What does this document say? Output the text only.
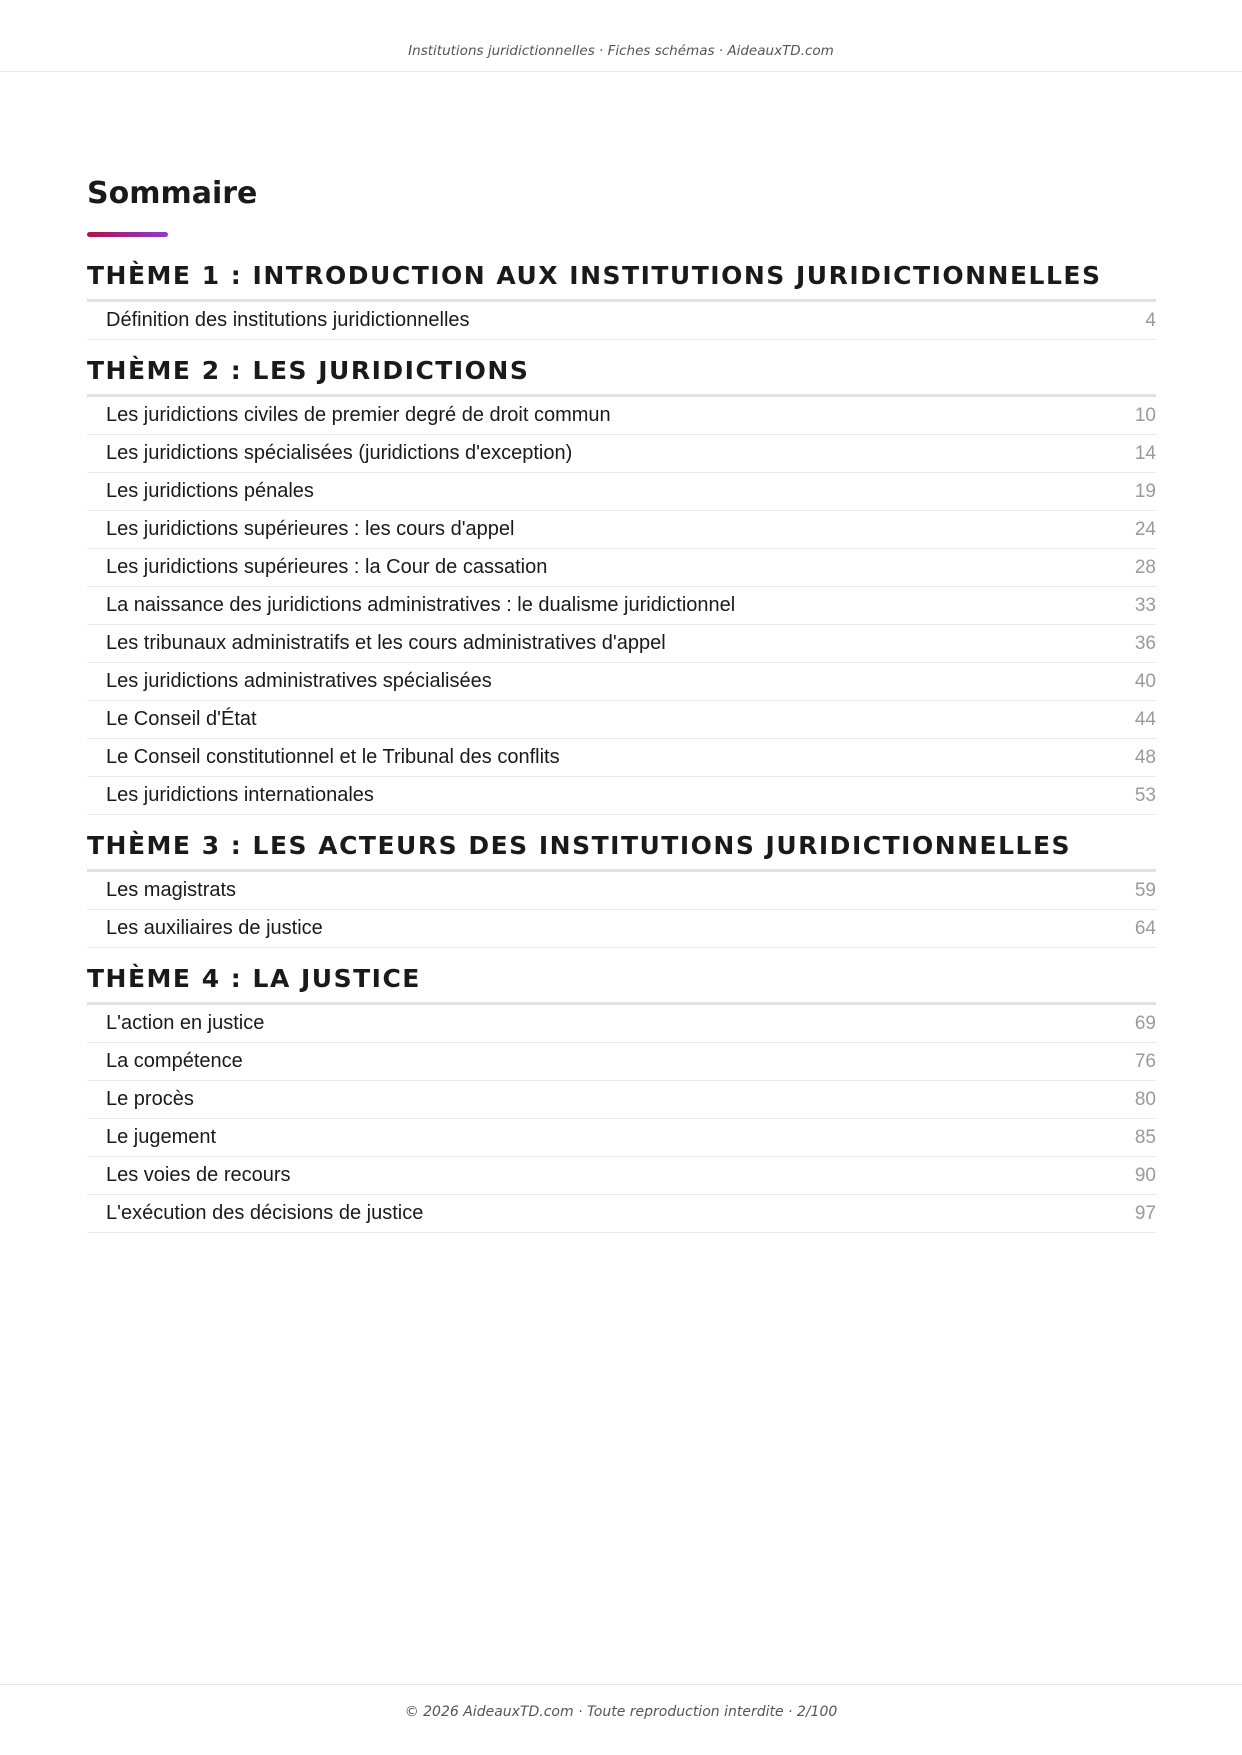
Institutions juridictionnelles · Fiches schémas · AideauxTD.com
Sommaire
THÈME 1 : INTRODUCTION AUX INSTITUTIONS JURIDICTIONNELLES
Définition des institutions juridictionnelles	4
THÈME 2 : LES JURIDICTIONS
Les juridictions civiles de premier degré de droit commun	10
Les juridictions spécialisées (juridictions d'exception)	14
Les juridictions pénales	19
Les juridictions supérieures : les cours d'appel	24
Les juridictions supérieures : la Cour de cassation	28
La naissance des juridictions administratives : le dualisme juridictionnel	33
Les tribunaux administratifs et les cours administratives d'appel	36
Les juridictions administratives spécialisées	40
Le Conseil d'État	44
Le Conseil constitutionnel et le Tribunal des conflits	48
Les juridictions internationales	53
THÈME 3 : LES ACTEURS DES INSTITUTIONS JURIDICTIONNELLES
Les magistrats	59
Les auxiliaires de justice	64
THÈME 4 : LA JUSTICE
L'action en justice	69
La compétence	76
Le procès	80
Le jugement	85
Les voies de recours	90
L'exécution des décisions de justice	97
© 2026 AideauxTD.com · Toute reproduction interdite · 2/100
